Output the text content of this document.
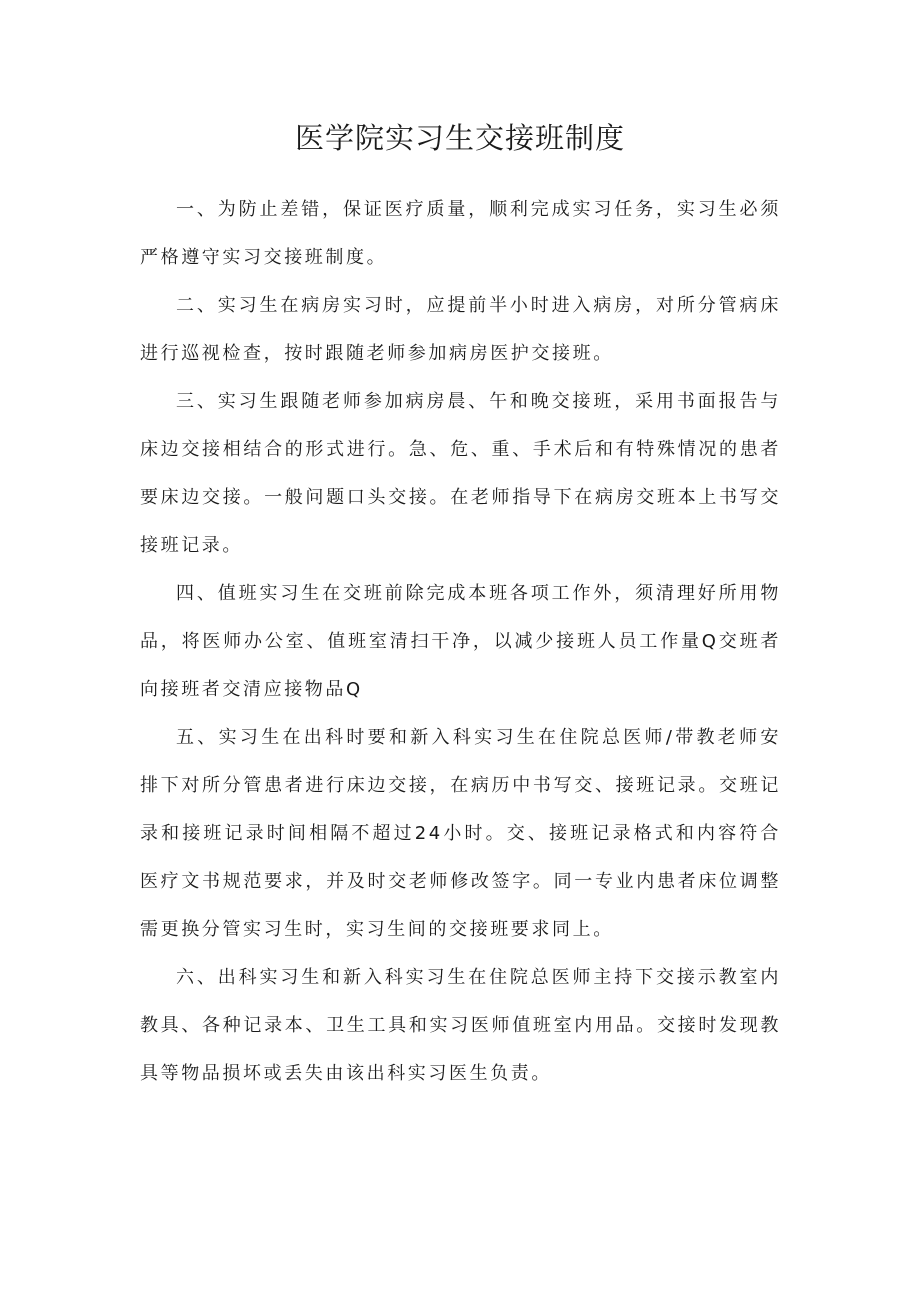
医学院实习生交接班制度

一、为防止差错，保证医疗质量，顺利完成实习任务，实习生必须严格遵守实习交接班制度。

二、实习生在病房实习时，应提前半小时进入病房，对所分管病床进行巡视检查，按时跟随老师参加病房医护交接班。

三、实习生跟随老师参加病房晨、午和晚交接班，采用书面报告与床边交接相结合的形式进行。急、危、重、手术后和有特殊情况的患者要床边交接。一般问题口头交接。在老师指导下在病房交班本上书写交接班记录。

四、值班实习生在交班前除完成本班各项工作外，须清理好所用物品，将医师办公室、值班室清扫干净，以减少接班人员工作量Q交班者向接班者交清应接物品Q

五、实习生在出科时要和新入科实习生在住院总医师/带教老师安排下对所分管患者进行床边交接，在病历中书写交、接班记录。交班记录和接班记录时间相隔不超过24小时。交、接班记录格式和内容符合医疗文书规范要求，并及时交老师修改签字。同一专业内患者床位调整需更换分管实习生时，实习生间的交接班要求同上。

六、出科实习生和新入科实习生在住院总医师主持下交接示教室内教具、各种记录本、卫生工具和实习医师值班室内用品。交接时发现教具等物品损坏或丢失由该出科实习医生负责。
